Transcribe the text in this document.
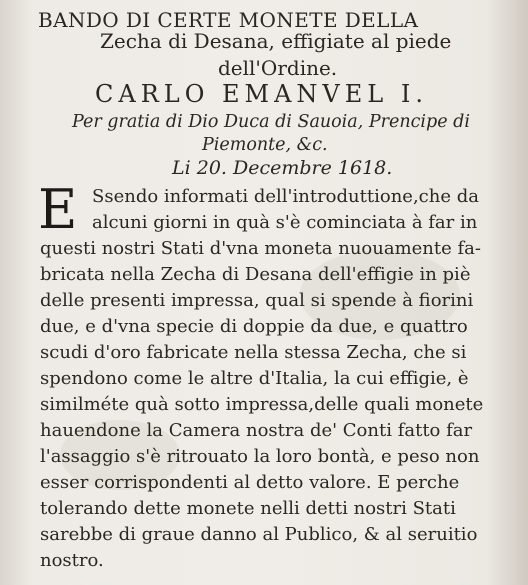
BANDO DI CERTE MONETE DELLA
Zecha di Desana, effigiate al piede
dell'Ordine.
CARLO EMANVEL I.
Per gratia di Dio Duca di Sauoia, Prencipe di
Piemonte, &c.
Li 20. Decembre 1618.
E Ssendo informati dell'introduttione,che da
alcuni giorni in quà s'è cominciata à far in
questi nostri Stati d'vna moneta nuouamente fa-
bricata nella Zecha di Desana dell'effigie in piè
delle presenti impressa, qual si spende à fiorini
due, e d'vna specie di doppie da due, e quattro
scudi d'oro fabricate nella stessa Zecha, che si
spendono come le altre d'Italia, la cui effigie, è
similméte quà sotto impressa,delle quali monete
hauendone la Camera nostra de' Conti fatto far
l'assaggio s'è ritrouato la loro bontà, e peso non
esser corrispondenti al detto valore. E perche
tolerando dette monete nelli detti nostri Stati
sarebbe di graue danno al Publico, & al seruitio
nostro.
